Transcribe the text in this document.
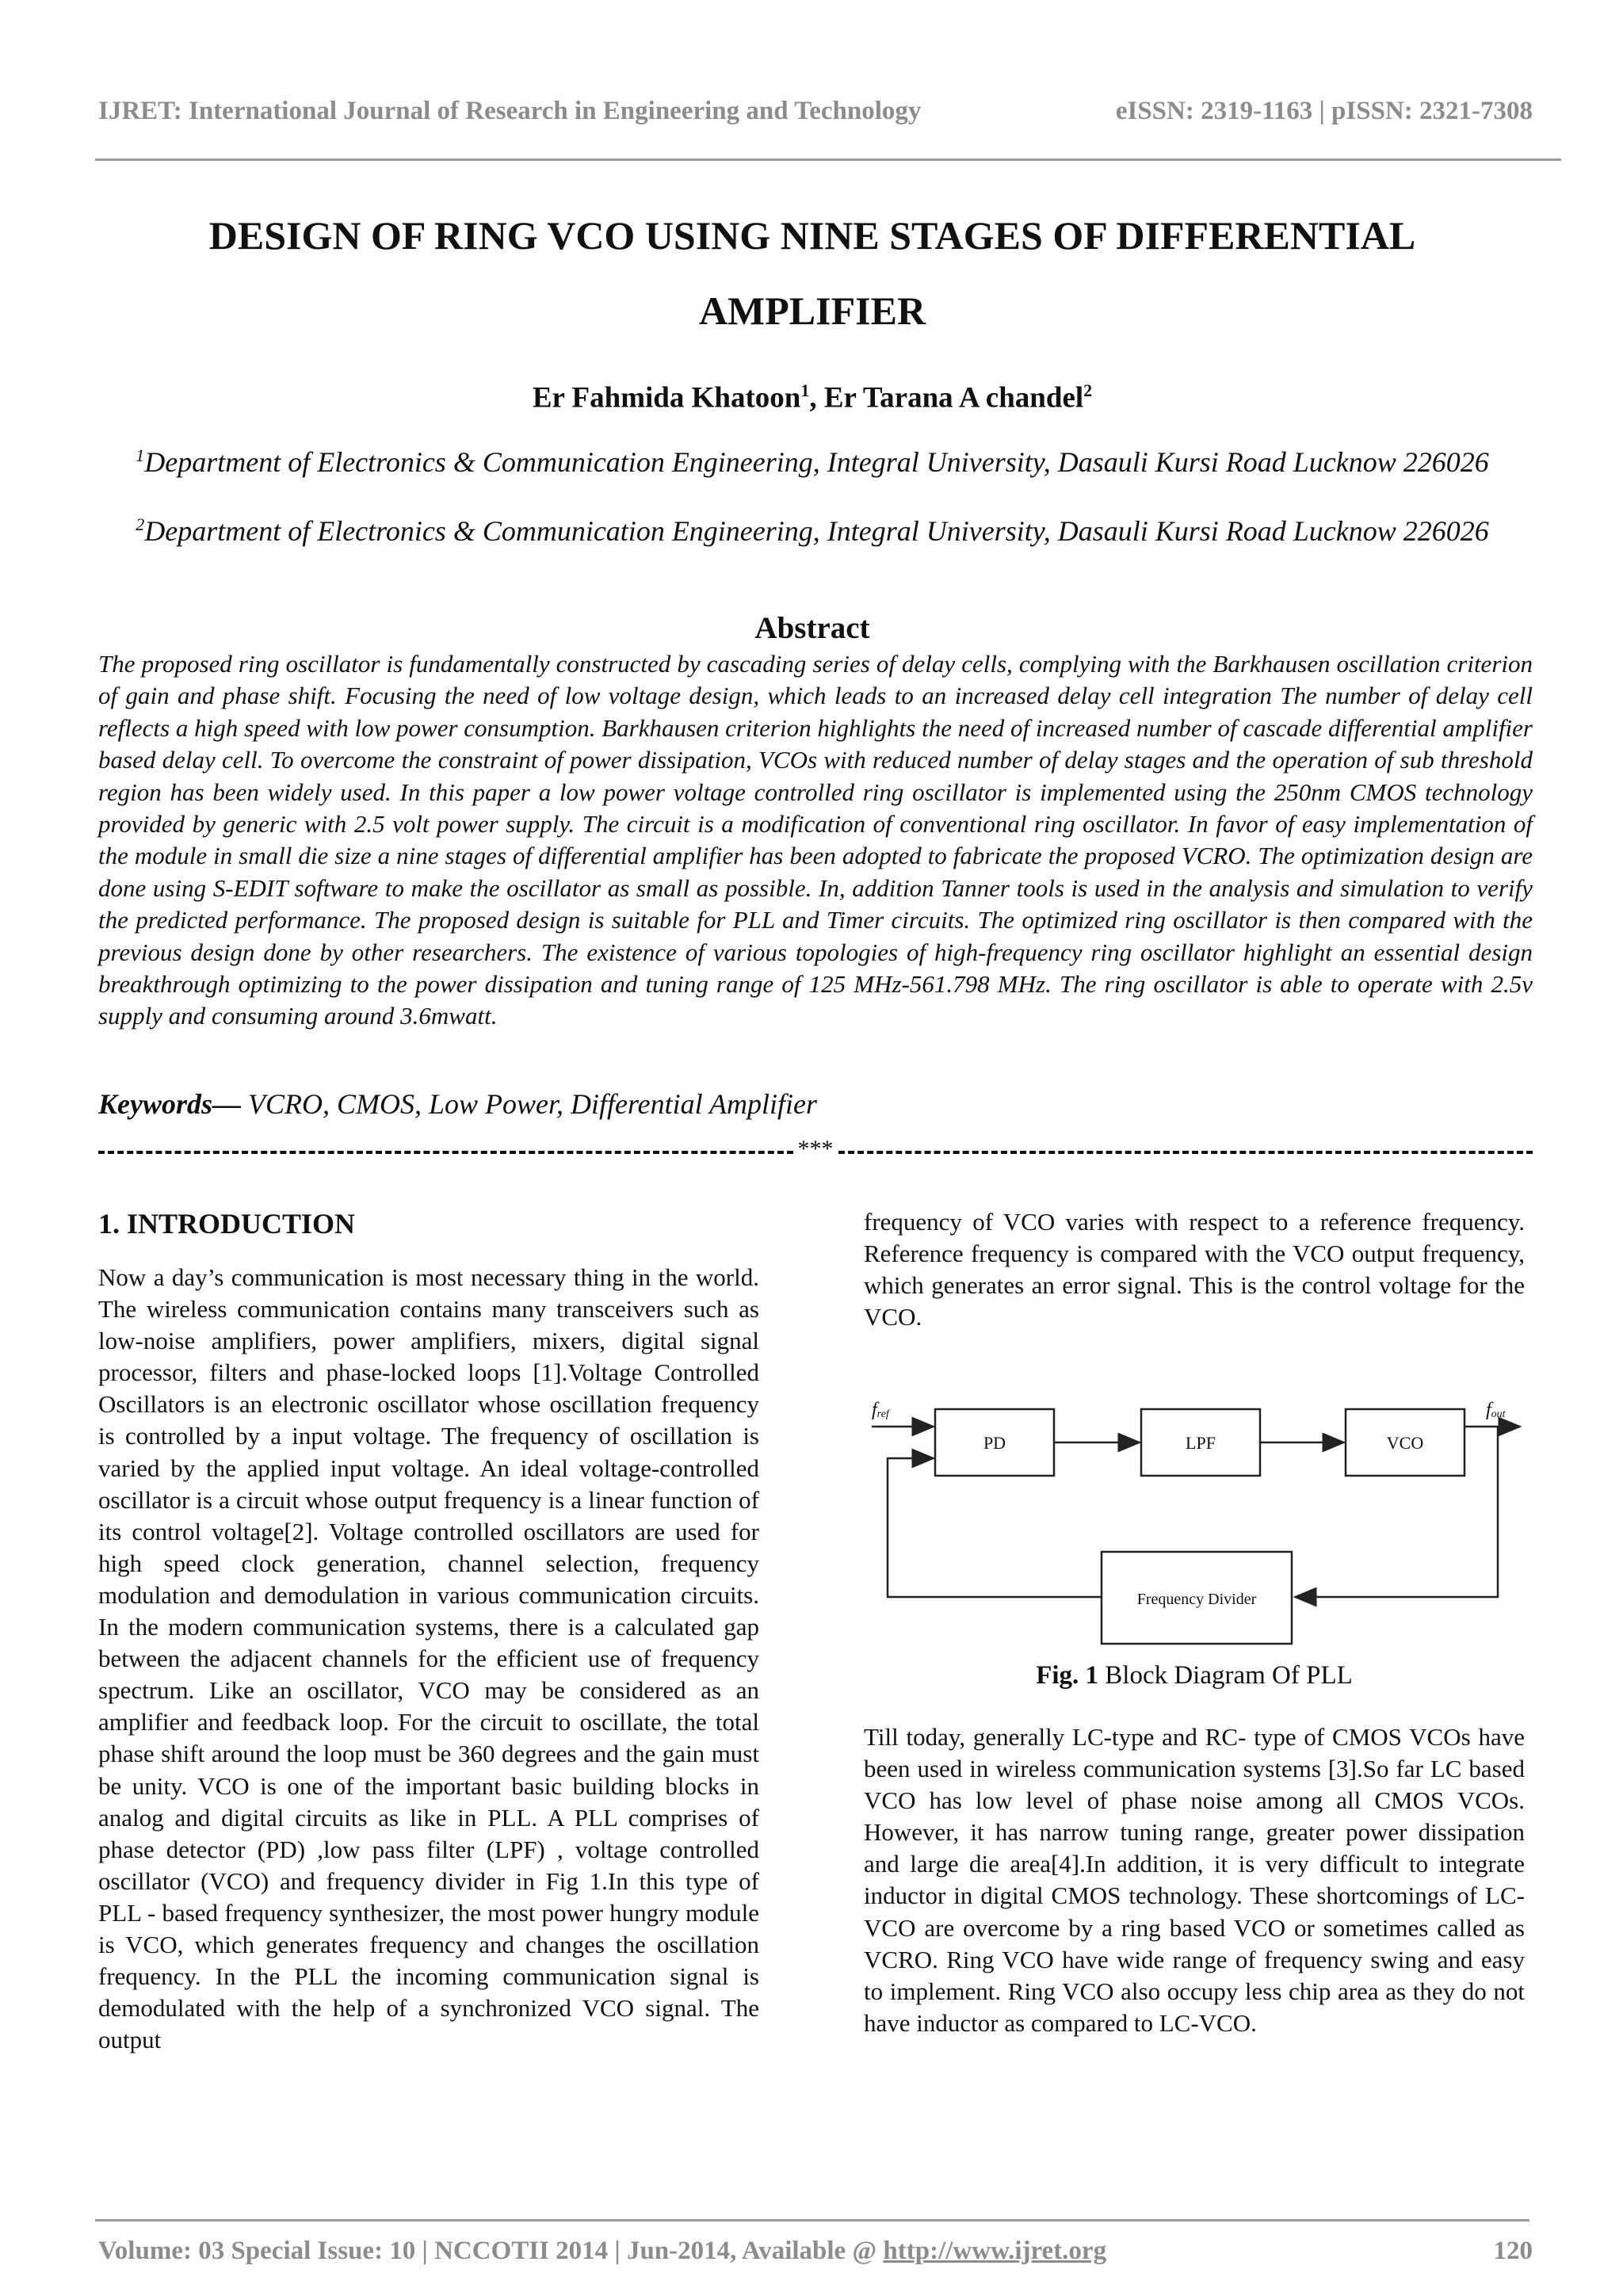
IJRET: International Journal of Research in Engineering and Technology	eISSN: 2319-1163 | pISSN: 2321-7308
DESIGN OF RING VCO USING NINE STAGES OF DIFFERENTIAL AMPLIFIER
Er Fahmida Khatoon$^1$, Er Tarana A chandel$^2$
$^1$Department of Electronics & Communication Engineering, Integral University, Dasauli Kursi Road Lucknow 226026
$^2$Department of Electronics & Communication Engineering, Integral University, Dasauli Kursi Road Lucknow 226026
Abstract
The proposed ring oscillator is fundamentally constructed by cascading series of delay cells, complying with the Barkhausen oscillation criterion of gain and phase shift. Focusing the need of low voltage design, which leads to an increased delay cell integration The number of delay cell reflects a high speed with low power consumption. Barkhausen criterion highlights the need of increased number of cascade differential amplifier based delay cell. To overcome the constraint of power dissipation, VCOs with reduced number of delay stages and the operation of sub threshold region has been widely used. In this paper a low power voltage controlled ring oscillator is implemented using the 250nm CMOS technology provided by generic with 2.5 volt power supply. The circuit is a modification of conventional ring oscillator. In favor of easy implementation of the module in small die size a nine stages of differential amplifier has been adopted to fabricate the proposed VCRO. The optimization design are done using S-EDIT software to make the oscillator as small as possible. In, addition Tanner tools is used in the analysis and simulation to verify the predicted performance. The proposed design is suitable for PLL and Timer circuits. The optimized ring oscillator is then compared with the previous design done by other researchers. The existence of various topologies of high-frequency ring oscillator highlight an essential design breakthrough optimizing to the power dissipation and tuning range of 125 MHz-561.798 MHz. The ring oscillator is able to operate with 2.5v supply and consuming around 3.6mwatt.
Keywords— VCRO, CMOS, Low Power, Differential Amplifier
***
1. INTRODUCTION
Now a day’s communication is most necessary thing in the world. The wireless communication contains many transceivers such as low-noise amplifiers, power amplifiers, mixers, digital signal processor, filters and phase-locked loops [1].Voltage Controlled Oscillators is an electronic oscillator whose oscillation frequency is controlled by a input voltage. The frequency of oscillation is varied by the applied input voltage. An ideal voltage-controlled oscillator is a circuit whose output frequency is a linear function of its control voltage[2]. Voltage controlled oscillators are used for high speed clock generation, channel selection, frequency modulation and demodulation in various communication circuits. In the modern communication systems, there is a calculated gap between the adjacent channels for the efficient use of frequency spectrum. Like an oscillator, VCO may be considered as an amplifier and feedback loop. For the circuit to oscillate, the total phase shift around the loop must be 360 degrees and the gain must be unity. VCO is one of the important basic building blocks in analog and digital circuits as like in PLL. A PLL comprises of phase detector (PD) ,low pass filter (LPF) , voltage controlled oscillator (VCO) and frequency divider in Fig 1.In this type of PLL - based frequency synthesizer, the most power hungry module is VCO, which generates frequency and changes the oscillation frequency. In the PLL the incoming communication signal is demodulated with the help of a synchronized VCO signal. The output
frequency of VCO varies with respect to a reference frequency. Reference frequency is compared with the VCO output frequency, which generates an error signal. This is the control voltage for the VCO.
PD	LPF	VCO
Frequency Divider
fref	fout
Fig. 1 Block Diagram Of PLL
Till today, generally LC-type and RC- type of CMOS VCOs have been used in wireless communication systems [3].So far LC based VCO has low level of phase noise among all CMOS VCOs. However, it has narrow tuning range, greater power dissipation and large die area[4].In addition, it is very difficult to integrate inductor in digital CMOS technology. These shortcomings of LC-VCO are overcome by a ring based VCO or sometimes called as VCRO. Ring VCO have wide range of frequency swing and easy to implement. Ring VCO also occupy less chip area as they do not have inductor as compared to LC-VCO.
Volume: 03 Special Issue: 10 | NCCOTII 2014 | Jun-2014, Available @ http://www.ijret.org	120
